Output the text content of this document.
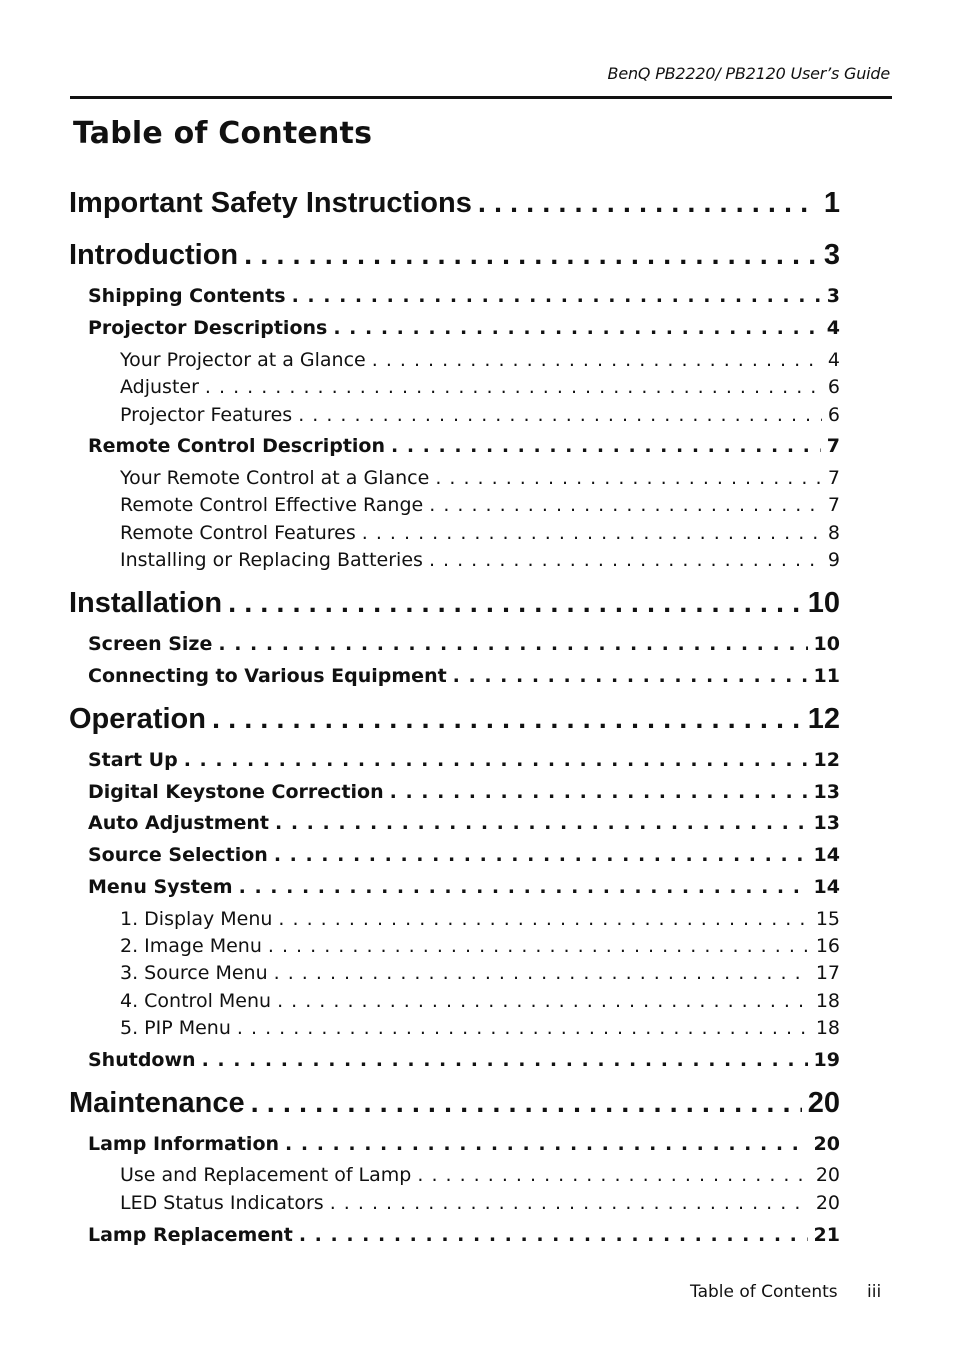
BenQ PB2220/ PB2120 User’s Guide
Table of Contents
Important Safety Instructions . . .	1
Introduction . . .	3
Shipping Contents . . .	3
Projector Descriptions . . .	4
Your Projector at a Glance . . .	4
Adjuster . . .	6
Projector Features . . .	6
Remote Control Description . . .	7
Your Remote Control at a Glance . . .	7
Remote Control Effective Range . . .	7
Remote Control Features . . .	8
Installing or Replacing Batteries . . .	9
Installation . . .	10
Screen Size . . .	10
Connecting to Various Equipment . . .	11
Operation . . .	12
Start Up . . .	12
Digital Keystone Correction . . .	13
Auto Adjustment . . .	13
Source Selection . . .	14
Menu System . . .	14
1. Display Menu . . .	15
2. Image Menu . . .	16
3. Source Menu . . .	17
4. Control Menu . . .	18
5. PIP Menu . . .	18
Shutdown . . .	19
Maintenance . . .	20
Lamp Information . . .	20
Use and Replacement of Lamp . . .	20
LED Status Indicators . . .	20
Lamp Replacement . . .	21
Table of Contents iii
